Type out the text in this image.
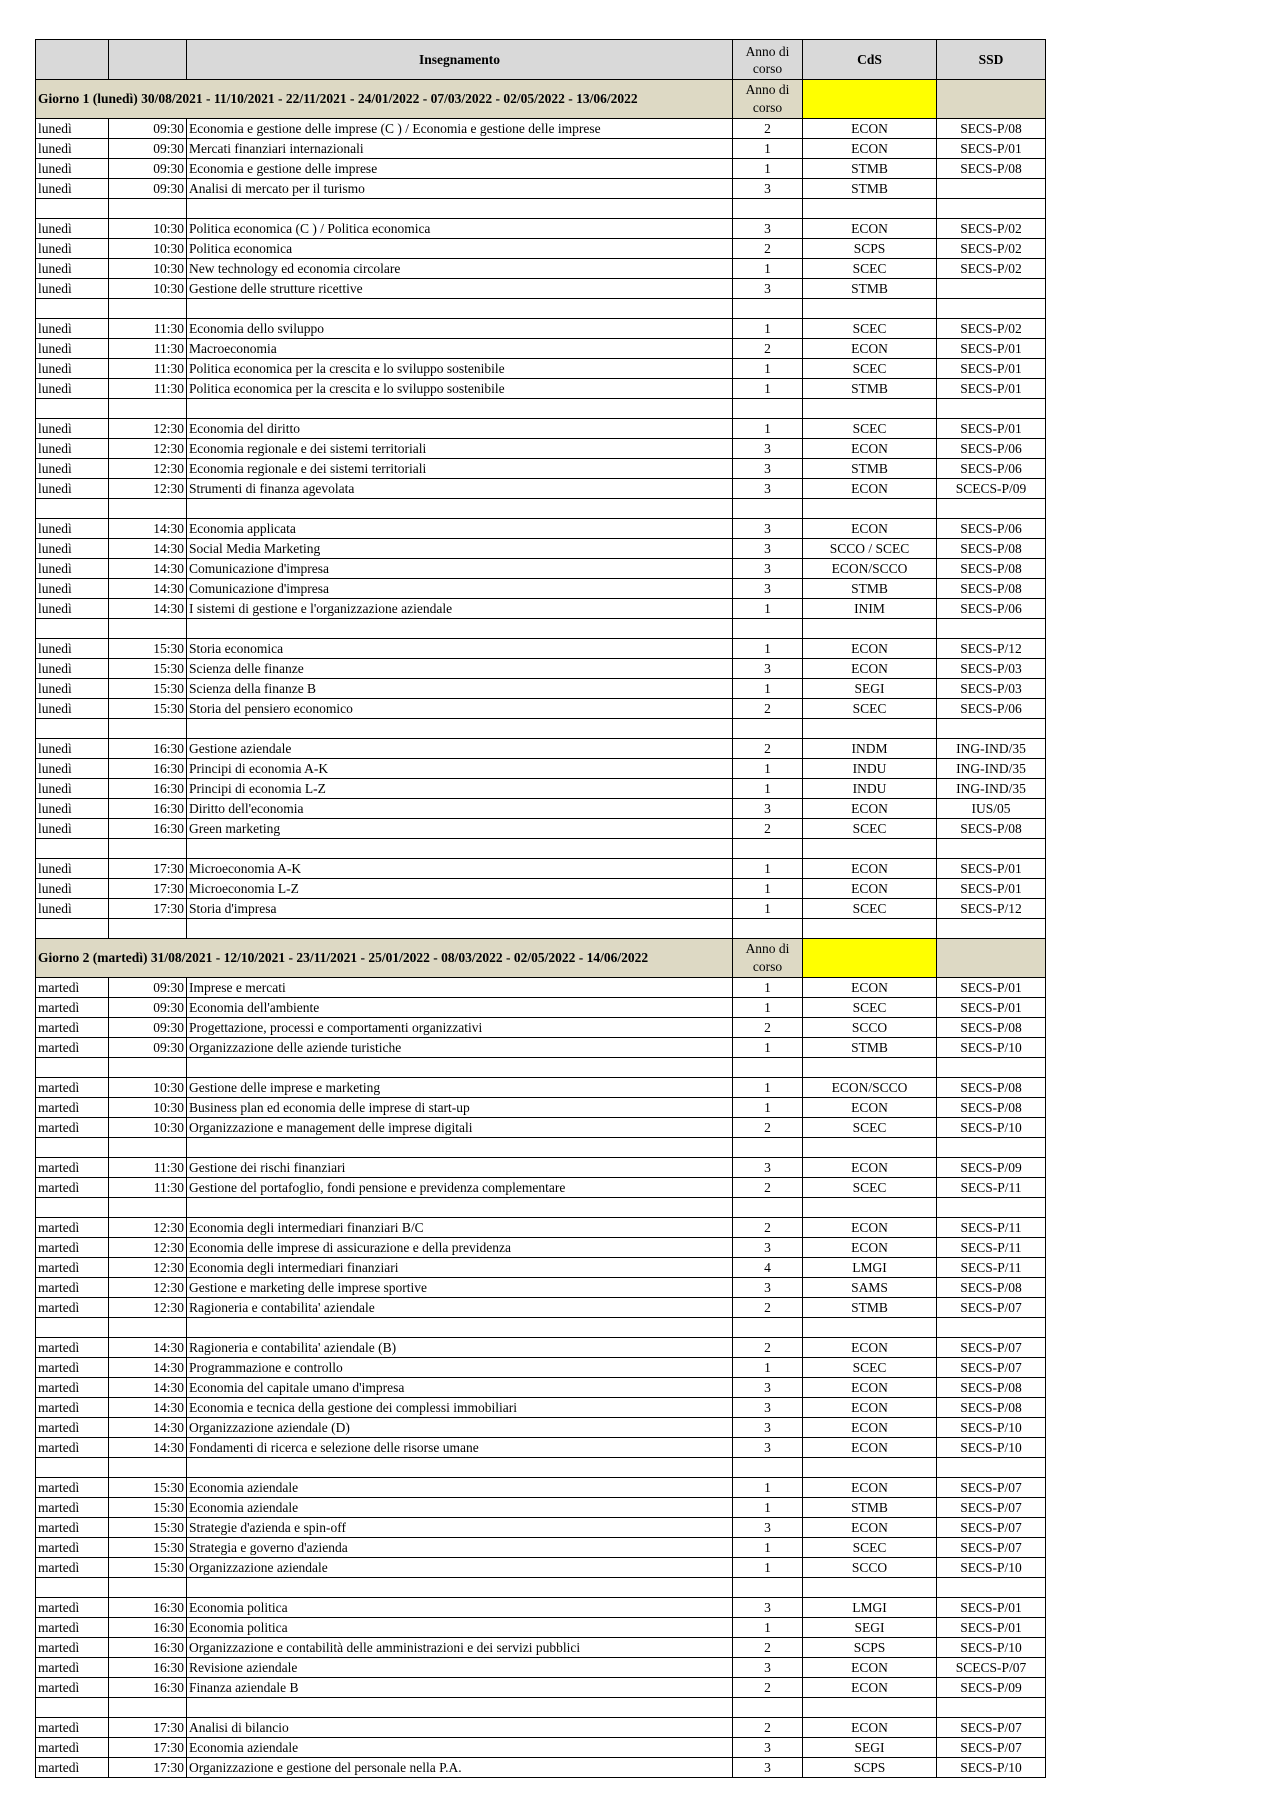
		Insegnamento	Anno di corso	CdS	SSD
Giorno 1 (lunedì) 30/08/2021 - 11/10/2021 - 22/11/2021 - 24/01/2022 - 07/03/2022 - 02/05/2022 - 13/06/2022			Anno di corso		
lunedì	09:30	Economia e gestione delle imprese (C ) / Economia e gestione delle imprese	2	ECON	SECS-P/08
lunedì	09:30	Mercati finanziari internazionali	1	ECON	SECS-P/01
lunedì	09:30	Economia e gestione delle imprese	1	STMB	SECS-P/08
lunedì	09:30	Analisi di mercato per il turismo	3	STMB	

lunedì	10:30	Politica economica (C ) / Politica economica	3	ECON	SECS-P/02
lunedì	10:30	Politica economica	2	SCPS	SECS-P/02
lunedì	10:30	New technology ed economia circolare	1	SCEC	SECS-P/02
lunedì	10:30	Gestione delle strutture ricettive	3	STMB	

lunedì	11:30	Economia dello sviluppo	1	SCEC	SECS-P/02
lunedì	11:30	Macroeconomia	2	ECON	SECS-P/01
lunedì	11:30	Politica economica per la crescita e lo sviluppo sostenibile	1	SCEC	SECS-P/01
lunedì	11:30	Politica economica per la crescita e lo sviluppo sostenibile	1	STMB	SECS-P/01

lunedì	12:30	Economia del diritto	1	SCEC	SECS-P/01
lunedì	12:30	Economia regionale e dei sistemi territoriali	3	ECON	SECS-P/06
lunedì	12:30	Economia regionale e dei sistemi territoriali	3	STMB	SECS-P/06
lunedì	12:30	Strumenti di finanza agevolata	3	ECON	SCECS-P/09

lunedì	14:30	Economia applicata	3	ECON	SECS-P/06
lunedì	14:30	Social Media Marketing	3	SCCO / SCEC	SECS-P/08
lunedì	14:30	Comunicazione d'impresa	3	ECON/SCCO	SECS-P/08
lunedì	14:30	Comunicazione d'impresa	3	STMB	SECS-P/08
lunedì	14:30	I sistemi di gestione e l'organizzazione aziendale	1	INIM	SECS-P/06

lunedì	15:30	Storia economica	1	ECON	SECS-P/12
lunedì	15:30	Scienza delle finanze	3	ECON	SECS-P/03
lunedì	15:30	Scienza della finanze B	1	SEGI	SECS-P/03
lunedì	15:30	Storia del pensiero economico	2	SCEC	SECS-P/06

lunedì	16:30	Gestione aziendale	2	INDM	ING-IND/35
lunedì	16:30	Principi di economia A-K	1	INDU	ING-IND/35
lunedì	16:30	Principi di economia L-Z	1	INDU	ING-IND/35
lunedì	16:30	Diritto dell'economia	3	ECON	IUS/05
lunedì	16:30	Green marketing	2	SCEC	SECS-P/08

lunedì	17:30	Microeconomia A-K	1	ECON	SECS-P/01
lunedì	17:30	Microeconomia L-Z	1	ECON	SECS-P/01
lunedì	17:30	Storia d'impresa	1	SCEC	SECS-P/12

Giorno 2 (martedì) 31/08/2021 - 12/10/2021 - 23/11/2021 - 25/01/2022 - 08/03/2022 - 02/05/2022 - 14/06/2022			Anno di corso		
martedì	09:30	Imprese e mercati	1	ECON	SECS-P/01
martedì	09:30	Economia dell'ambiente	1	SCEC	SECS-P/01
martedì	09:30	Progettazione, processi e comportamenti organizzativi	2	SCCO	SECS-P/08
martedì	09:30	Organizzazione delle aziende turistiche	1	STMB	SECS-P/10

martedì	10:30	Gestione delle imprese e marketing	1	ECON/SCCO	SECS-P/08
martedì	10:30	Business plan ed economia delle imprese di start-up	1	ECON	SECS-P/08
martedì	10:30	Organizzazione e management delle imprese digitali	2	SCEC	SECS-P/10

martedì	11:30	Gestione dei rischi finanziari	3	ECON	SECS-P/09
martedì	11:30	Gestione del portafoglio, fondi pensione e previdenza complementare	2	SCEC	SECS-P/11

martedì	12:30	Economia degli intermediari finanziari B/C	2	ECON	SECS-P/11
martedì	12:30	Economia delle imprese di assicurazione e della previdenza	3	ECON	SECS-P/11
martedì	12:30	Economia degli intermediari finanziari	4	LMGI	SECS-P/11
martedì	12:30	Gestione e marketing delle imprese sportive	3	SAMS	SECS-P/08
martedì	12:30	Ragioneria e contabilita' aziendale	2	STMB	SECS-P/07

martedì	14:30	Ragioneria e contabilita' aziendale (B)	2	ECON	SECS-P/07
martedì	14:30	Programmazione e controllo	1	SCEC	SECS-P/07
martedì	14:30	Economia del capitale umano d'impresa	3	ECON	SECS-P/08
martedì	14:30	Economia e tecnica della gestione dei complessi immobiliari	3	ECON	SECS-P/08
martedì	14:30	Organizzazione aziendale (D)	3	ECON	SECS-P/10
martedì	14:30	Fondamenti di ricerca e selezione delle risorse umane	3	ECON	SECS-P/10

martedì	15:30	Economia aziendale	1	ECON	SECS-P/07
martedì	15:30	Economia aziendale	1	STMB	SECS-P/07
martedì	15:30	Strategie d'azienda e spin-off	3	ECON	SECS-P/07
martedì	15:30	Strategia e governo d'azienda	1	SCEC	SECS-P/07
martedì	15:30	Organizzazione aziendale	1	SCCO	SECS-P/10

martedì	16:30	Economia politica	3	LMGI	SECS-P/01
martedì	16:30	Economia politica	1	SEGI	SECS-P/01
martedì	16:30	Organizzazione e contabilità delle amministrazioni e dei servizi pubblici	2	SCPS	SECS-P/10
martedì	16:30	Revisione aziendale	3	ECON	SCECS-P/07
martedì	16:30	Finanza aziendale B	2	ECON	SECS-P/09

martedì	17:30	Analisi di bilancio	2	ECON	SECS-P/07
martedì	17:30	Economia aziendale	3	SEGI	SECS-P/07
martedì	17:30	Organizzazione e gestione del personale nella P.A.	3	SCPS	SECS-P/10
